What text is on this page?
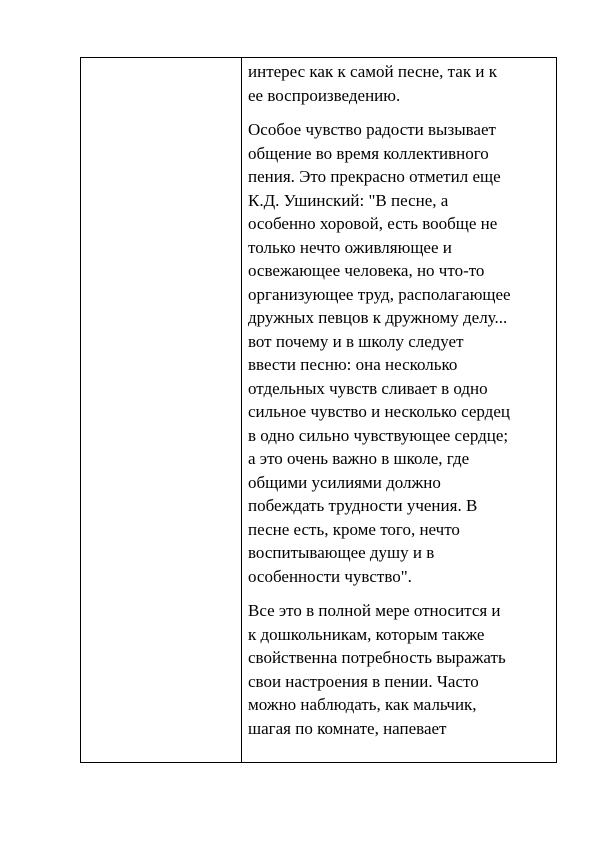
интерес как к самой песне, так и к
ее воспроизведению.

Особое чувство радости вызывает
общение во время коллективного
пения. Это прекрасно отметил еще
К.Д. Ушинский: "В песне, а
особенно хоровой, есть вообще не
только нечто оживляющее и
освежающее человека, но что-то
организующее труд, располагающее
дружных певцов к дружному делу...
вот почему и в школу следует
ввести песню: она несколько
отдельных чувств сливает в одно
сильное чувство и несколько сердец
в одно сильно чувствующее сердце;
а это очень важно в школе, где
общими усилиями должно
побеждать трудности учения. В
песне есть, кроме того, нечто
воспитывающее душу и в
особенности чувство".

Все это в полной мере относится и
к дошкольникам, которым также
свойственна потребность выражать
свои настроения в пении. Часто
можно наблюдать, как мальчик,
шагая по комнате, напевает
